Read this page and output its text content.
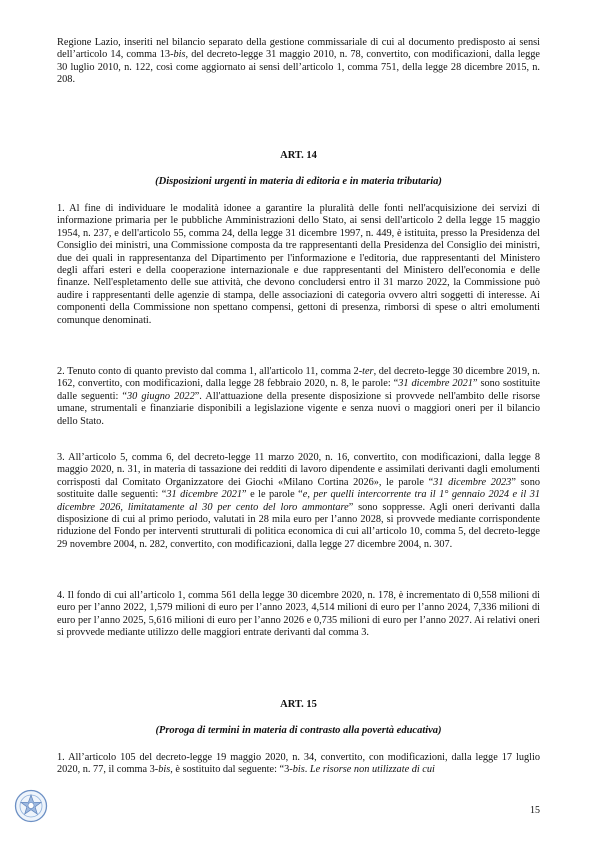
Regione Lazio, inseriti nel bilancio separato della gestione commissariale di cui al documento predisposto ai sensi dell’articolo 14, comma 13-bis, del decreto-legge 31 maggio 2010, n. 78, convertito, con modificazioni, dalla legge 30 luglio 2010, n. 122, così come aggiornato ai sensi dell’articolo 1, comma 751, della legge 28 dicembre 2015, n. 208.

ART. 14

(Disposizioni urgenti in materia di editoria e in materia tributaria)

1. Al fine di individuare le modalità idonee a garantire la pluralità delle fonti nell'acquisizione dei servizi di informazione primaria per le pubbliche Amministrazioni dello Stato, ai sensi dell'articolo 2 della legge 15 maggio 1954, n. 237, e dell'articolo 55, comma 24, della legge 31 dicembre 1997, n. 449, è istituita, presso la Presidenza del Consiglio dei ministri, una Commissione composta da tre rappresentanti della Presidenza del Consiglio dei ministri, due dei quali in rappresentanza del Dipartimento per l'informazione e l'editoria, due rappresentanti del Ministero degli affari esteri e della cooperazione internazionale e due rappresentanti del Ministero dell'economia e delle finanze. Nell'espletamento delle sue attività, che devono concludersi entro il 31 marzo 2022, la Commissione può audire i rappresentanti delle agenzie di stampa, delle associazioni di categoria ovvero altri soggetti di interesse. Ai componenti della Commissione non spettano compensi, gettoni di presenza, rimborsi di spese o altri emolumenti comunque denominati.

2. Tenuto conto di quanto previsto dal comma 1, all'articolo 11, comma 2-ter, del decreto-legge 30 dicembre 2019, n. 162, convertito, con modificazioni, dalla legge 28 febbraio 2020, n. 8, le parole: “31 dicembre 2021” sono sostituite dalle seguenti: “30 giugno 2022”. All'attuazione della presente disposizione si provvede nell'ambito delle risorse umane, strumentali e finanziarie disponibili a legislazione vigente e senza nuovi o maggiori oneri per il bilancio dello Stato.

3. All’articolo 5, comma 6, del decreto-legge 11 marzo 2020, n. 16, convertito, con modificazioni, dalla legge 8 maggio 2020, n. 31, in materia di tassazione dei redditi di lavoro dipendente e assimilati derivanti dagli emolumenti corrisposti dal Comitato Organizzatore dei Giochi «Milano Cortina 2026», le parole “31 dicembre 2023” sono sostituite dalle seguenti: “31 dicembre 2021” e le parole “e, per quelli intercorrente tra il 1° gennaio 2024 e il 31 dicembre 2026, limitatamente al 30 per cento del loro ammontare” sono soppresse. Agli oneri derivanti dalla disposizione di cui al primo periodo, valutati in 28 mila euro per l’anno 2028, si provvede mediante corrispondente riduzione del Fondo per interventi strutturali di politica economica di cui all’articolo 10, comma 5, del decreto-legge 29 novembre 2004, n. 282, convertito, con modificazioni, dalla legge 27 dicembre 2004, n. 307.

4. Il fondo di cui all’articolo 1, comma 561 della legge 30 dicembre 2020, n. 178, è incrementato di 0,558 milioni di euro per l’anno 2022, 1,579 milioni di euro per l’anno 2023, 4,514 milioni di euro per l’anno 2024, 7,336 milioni di euro per l’anno 2025, 5,616 milioni di euro per l’anno 2026 e 0,735 milioni di euro per l’anno 2027. Ai relativi oneri si provvede mediante utilizzo delle maggiori entrate derivanti dal comma 3.

ART. 15

(Proroga di termini in materia di contrasto alla povertà educativa)

1. All’articolo 105 del decreto-legge 19 maggio 2020, n. 34, convertito, con modificazioni, dalla legge 17 luglio 2020, n. 77, il comma 3-bis, è sostituito dal seguente: “3-bis. Le risorse non utilizzate di cui

15
